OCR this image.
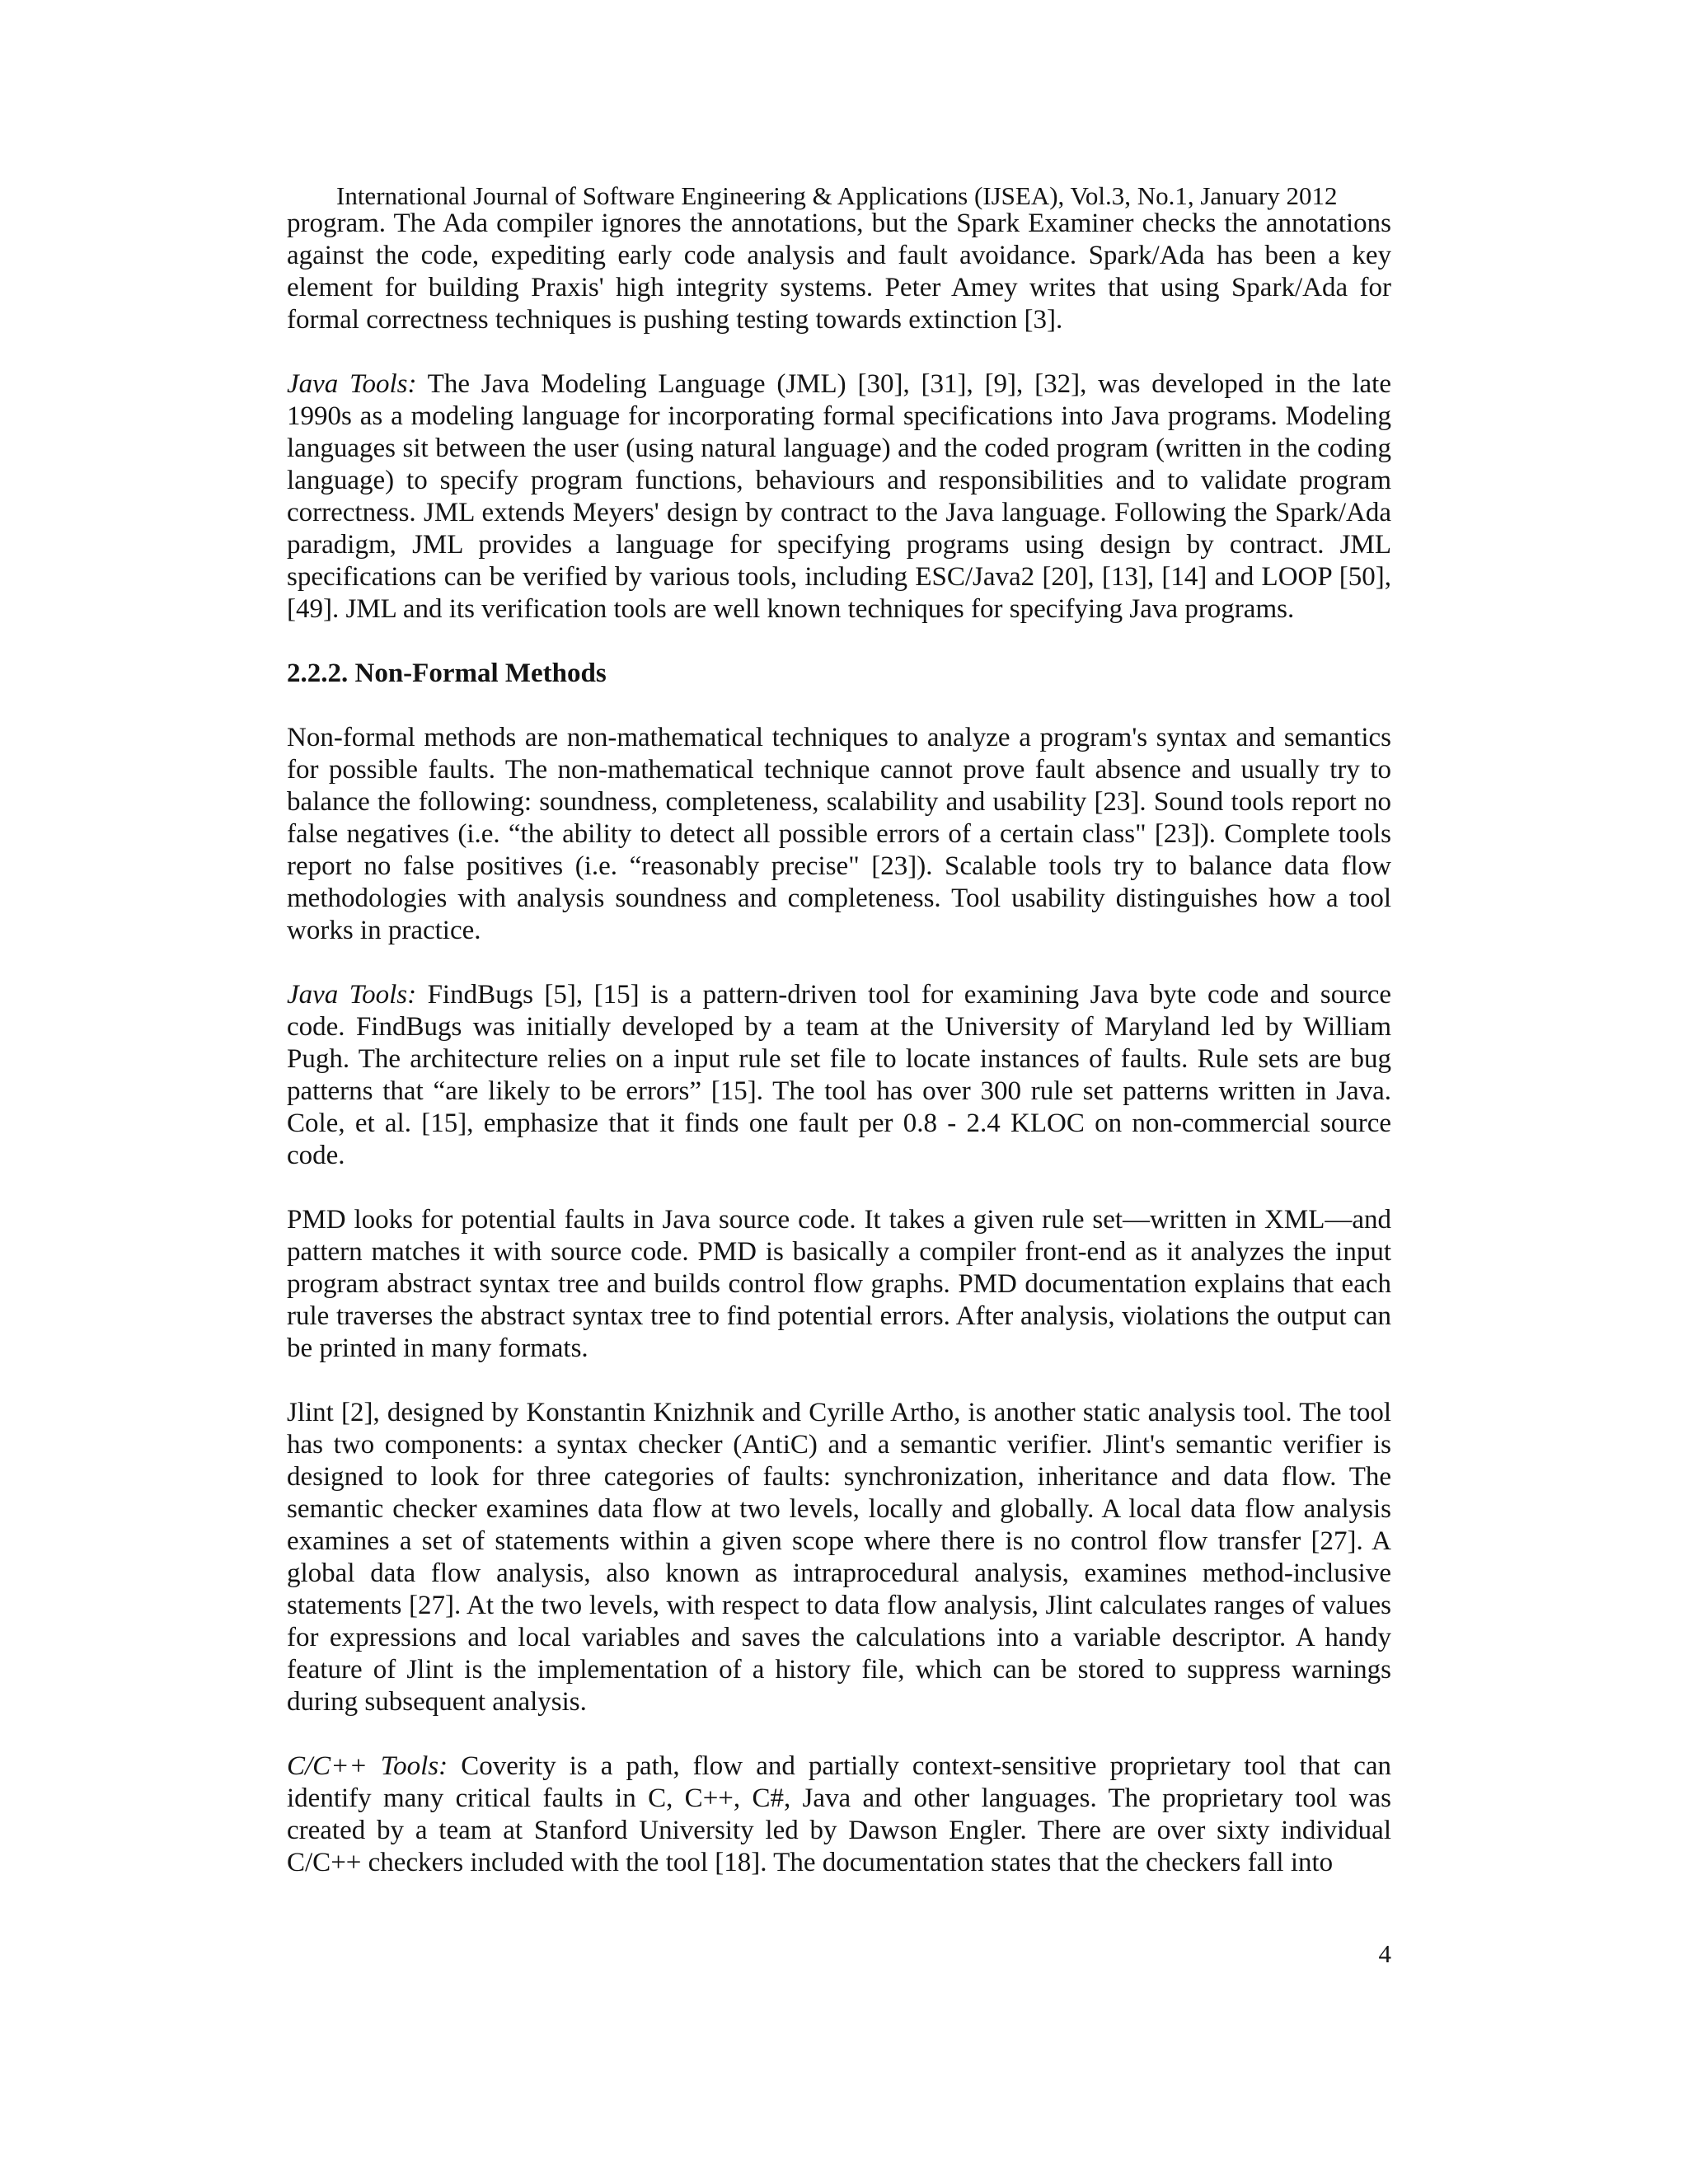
International Journal of Software Engineering & Applications (IJSEA), Vol.3, No.1, January 2012

program. The Ada compiler ignores the annotations, but the Spark Examiner checks the annotations against the code, expediting early code analysis and fault avoidance. Spark/Ada has been a key element for building Praxis' high integrity systems. Peter Amey writes that using Spark/Ada for formal correctness techniques is pushing testing towards extinction [3].

Java Tools: The Java Modeling Language (JML) [30], [31], [9], [32], was developed in the late 1990s as a modeling language for incorporating formal specifications into Java programs. Modeling languages sit between the user (using natural language) and the coded program (written in the coding language) to specify program functions, behaviours and responsibilities and to validate program correctness. JML extends Meyers' design by contract to the Java language. Following the Spark/Ada paradigm, JML provides a language for specifying programs using design by contract. JML specifications can be verified by various tools, including ESC/Java2 [20], [13], [14] and LOOP [50], [49]. JML and its verification tools are well known techniques for specifying Java programs.

2.2.2. Non-Formal Methods

Non-formal methods are non-mathematical techniques to analyze a program's syntax and semantics for possible faults. The non-mathematical technique cannot prove fault absence and usually try to balance the following: soundness, completeness, scalability and usability [23]. Sound tools report no false negatives (i.e. “the ability to detect all possible errors of a certain class" [23]). Complete tools report no false positives (i.e. “reasonably precise" [23]). Scalable tools try to balance data flow methodologies with analysis soundness and completeness. Tool usability distinguishes how a tool works in practice.

Java Tools: FindBugs [5], [15] is a pattern-driven tool for examining Java byte code and source code. FindBugs was initially developed by a team at the University of Maryland led by William Pugh. The architecture relies on a input rule set file to locate instances of faults. Rule sets are bug patterns that “are likely to be errors” [15]. The tool has over 300 rule set patterns written in Java. Cole, et al. [15], emphasize that it finds one fault per 0.8 - 2.4 KLOC on non-commercial source code.

PMD looks for potential faults in Java source code. It takes a given rule set—written in XML—and pattern matches it with source code. PMD is basically a compiler front-end as it analyzes the input program abstract syntax tree and builds control flow graphs. PMD documentation explains that each rule traverses the abstract syntax tree to find potential errors. After analysis, violations the output can be printed in many formats.

Jlint [2], designed by Konstantin Knizhnik and Cyrille Artho, is another static analysis tool. The tool has two components: a syntax checker (AntiC) and a semantic verifier. Jlint's semantic verifier is designed to look for three categories of faults: synchronization, inheritance and data flow. The semantic checker examines data flow at two levels, locally and globally. A local data flow analysis examines a set of statements within a given scope where there is no control flow transfer [27]. A global data flow analysis, also known as intraprocedural analysis, examines method-inclusive statements [27]. At the two levels, with respect to data flow analysis, Jlint calculates ranges of values for expressions and local variables and saves the calculations into a variable descriptor. A handy feature of Jlint is the implementation of a history file, which can be stored to suppress warnings during subsequent analysis.

C/C++ Tools: Coverity is a path, flow and partially context-sensitive proprietary tool that can identify many critical faults in C, C++, C#, Java and other languages. The proprietary tool was created by a team at Stanford University led by Dawson Engler. There are over sixty individual C/C++ checkers included with the tool [18]. The documentation states that the checkers fall into

4
